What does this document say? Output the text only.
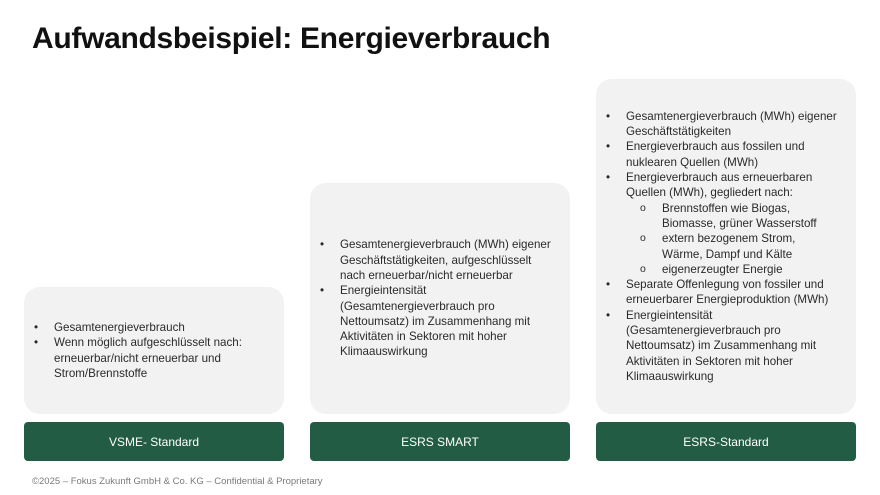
Aufwandsbeispiel: Energieverbrauch
• Gesamtenergieverbrauch
• Wenn möglich aufgeschlüsselt nach: erneuerbar/nicht erneuerbar und Strom/Brennstoffe
VSME- Standard
• Gesamtenergieverbrauch (MWh) eigener Geschäftstätigkeiten, aufgeschlüsselt nach erneuerbar/nicht erneuerbar
• Energieintensität (Gesamtenergieverbrauch pro Nettoumsatz) im Zusammenhang mit Aktivitäten in Sektoren mit hoher Klimaauswirkung
ESRS SMART
• Gesamtenergieverbrauch (MWh) eigener Geschäftstätigkeiten
• Energieverbrauch aus fossilen und nuklearen Quellen (MWh)
• Energieverbrauch aus erneuerbaren Quellen (MWh), gegliedert nach:
o Brennstoffen wie Biogas, Biomasse, grüner Wasserstoff
o extern bezogenem Strom, Wärme, Dampf und Kälte
o eigenerzeugter Energie
• Separate Offenlegung von fossiler und erneuerbarer Energieproduktion (MWh)
• Energieintensität (Gesamtenergieverbrauch pro Nettoumsatz) im Zusammenhang mit Aktivitäten in Sektoren mit hoher Klimaauswirkung
ESRS-Standard
©2025 – Fokus Zukunft GmbH & Co. KG – Confidential & Proprietary
